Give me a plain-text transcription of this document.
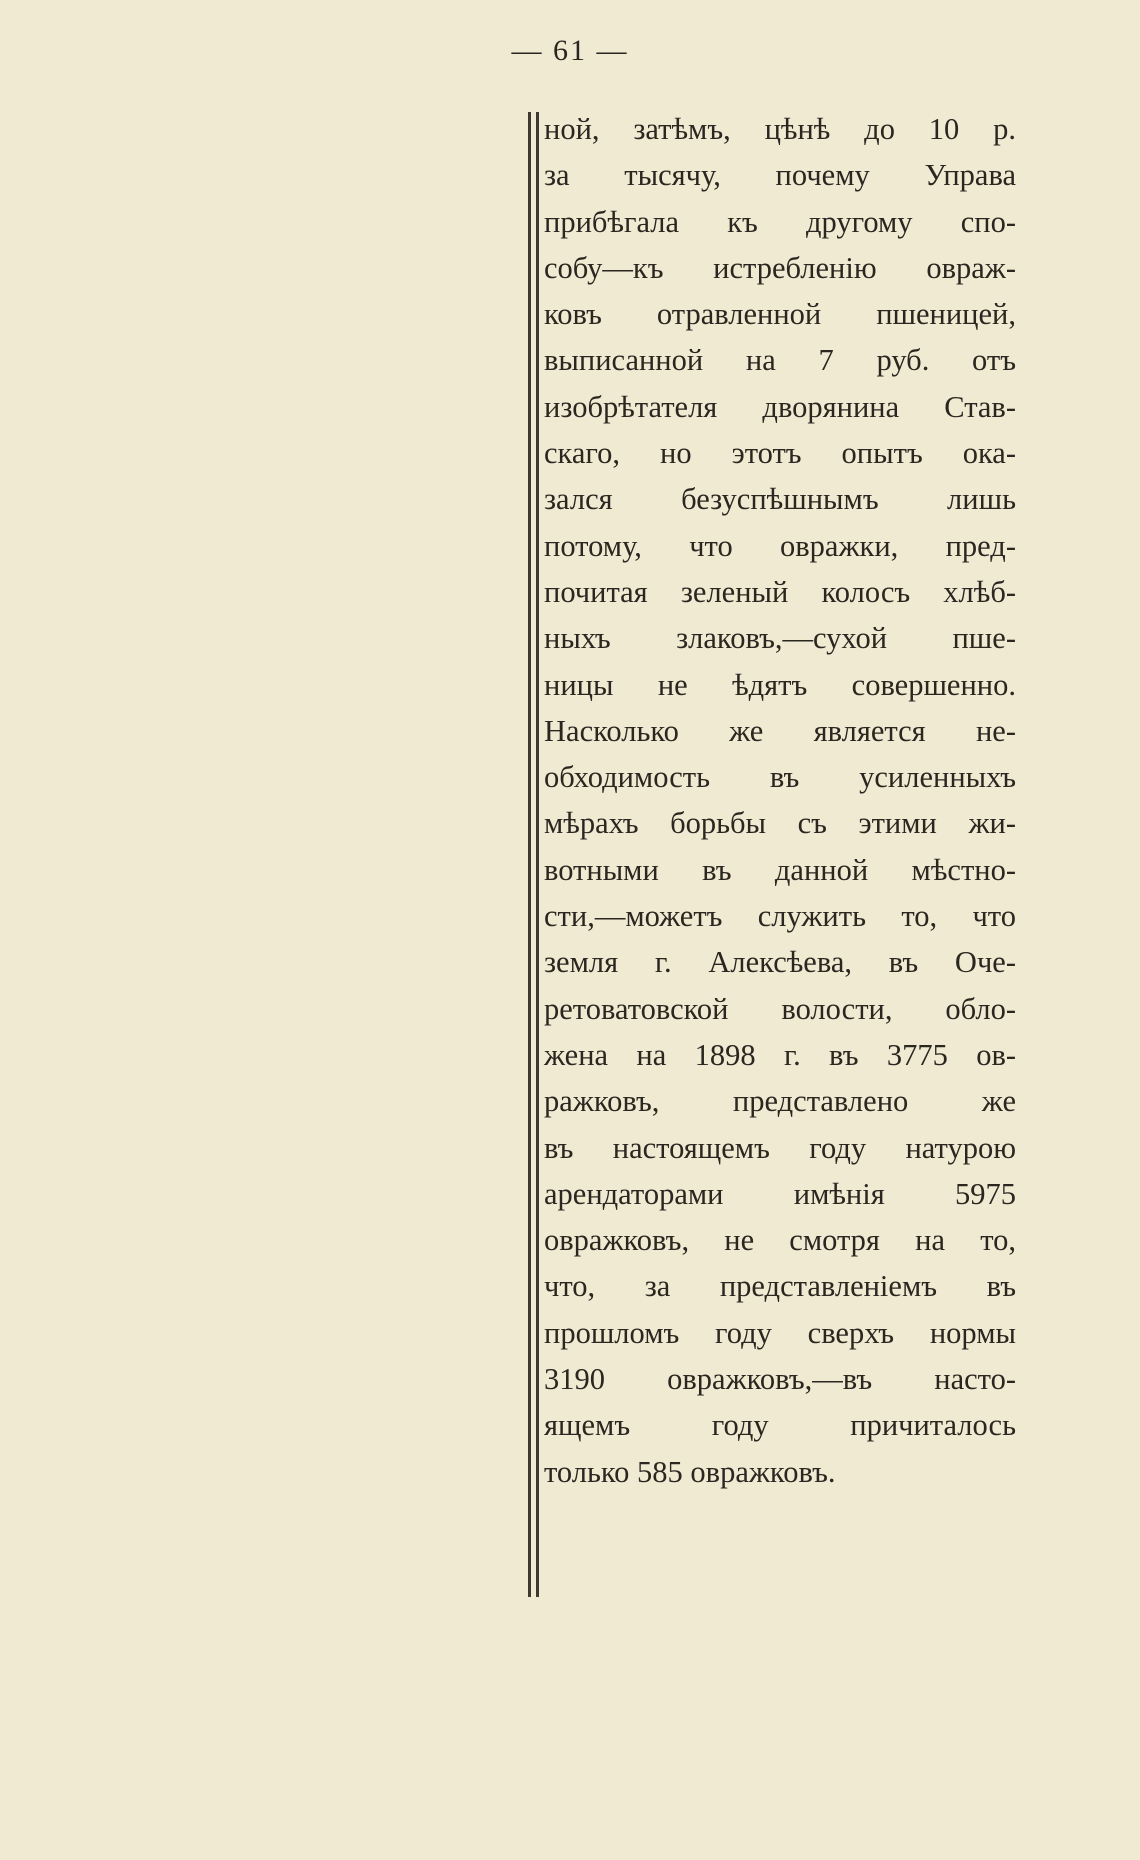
— 61 —
ной, затѣмъ, цѣнѣ до 10 р.
за тысячу, почему Управа
прибѣгала къ другому спо-
собу—къ истребленію овраж-
ковъ отравленной пшеницей,
выписанной на 7 руб. отъ
изобрѣтателя дворянина Став-
скаго, но этотъ опытъ ока-
зался безуспѣшнымъ лишь
потому, что овражки, пред-
почитая зеленый колосъ хлѣб-
ныхъ злаковъ,—сухой пше-
ницы не ѣдятъ совершенно.
Насколько же является не-
обходимость въ усиленныхъ
мѣрахъ борьбы съ этими жи-
вотными въ данной мѣстно-
сти,—можетъ служить то, что
земля г. Алексѣева, въ Оче-
ретоватовской волости, обло-
жена на 1898 г. въ 3775 ов-
ражковъ, представлено же
въ настоящемъ году натурою
арендаторами имѣнія 5975
овражковъ, не смотря на то,
что, за представленіемъ въ
прошломъ году сверхъ нормы
3190 овражковъ,—въ насто-
ящемъ году причиталось
только 585 овражковъ.
